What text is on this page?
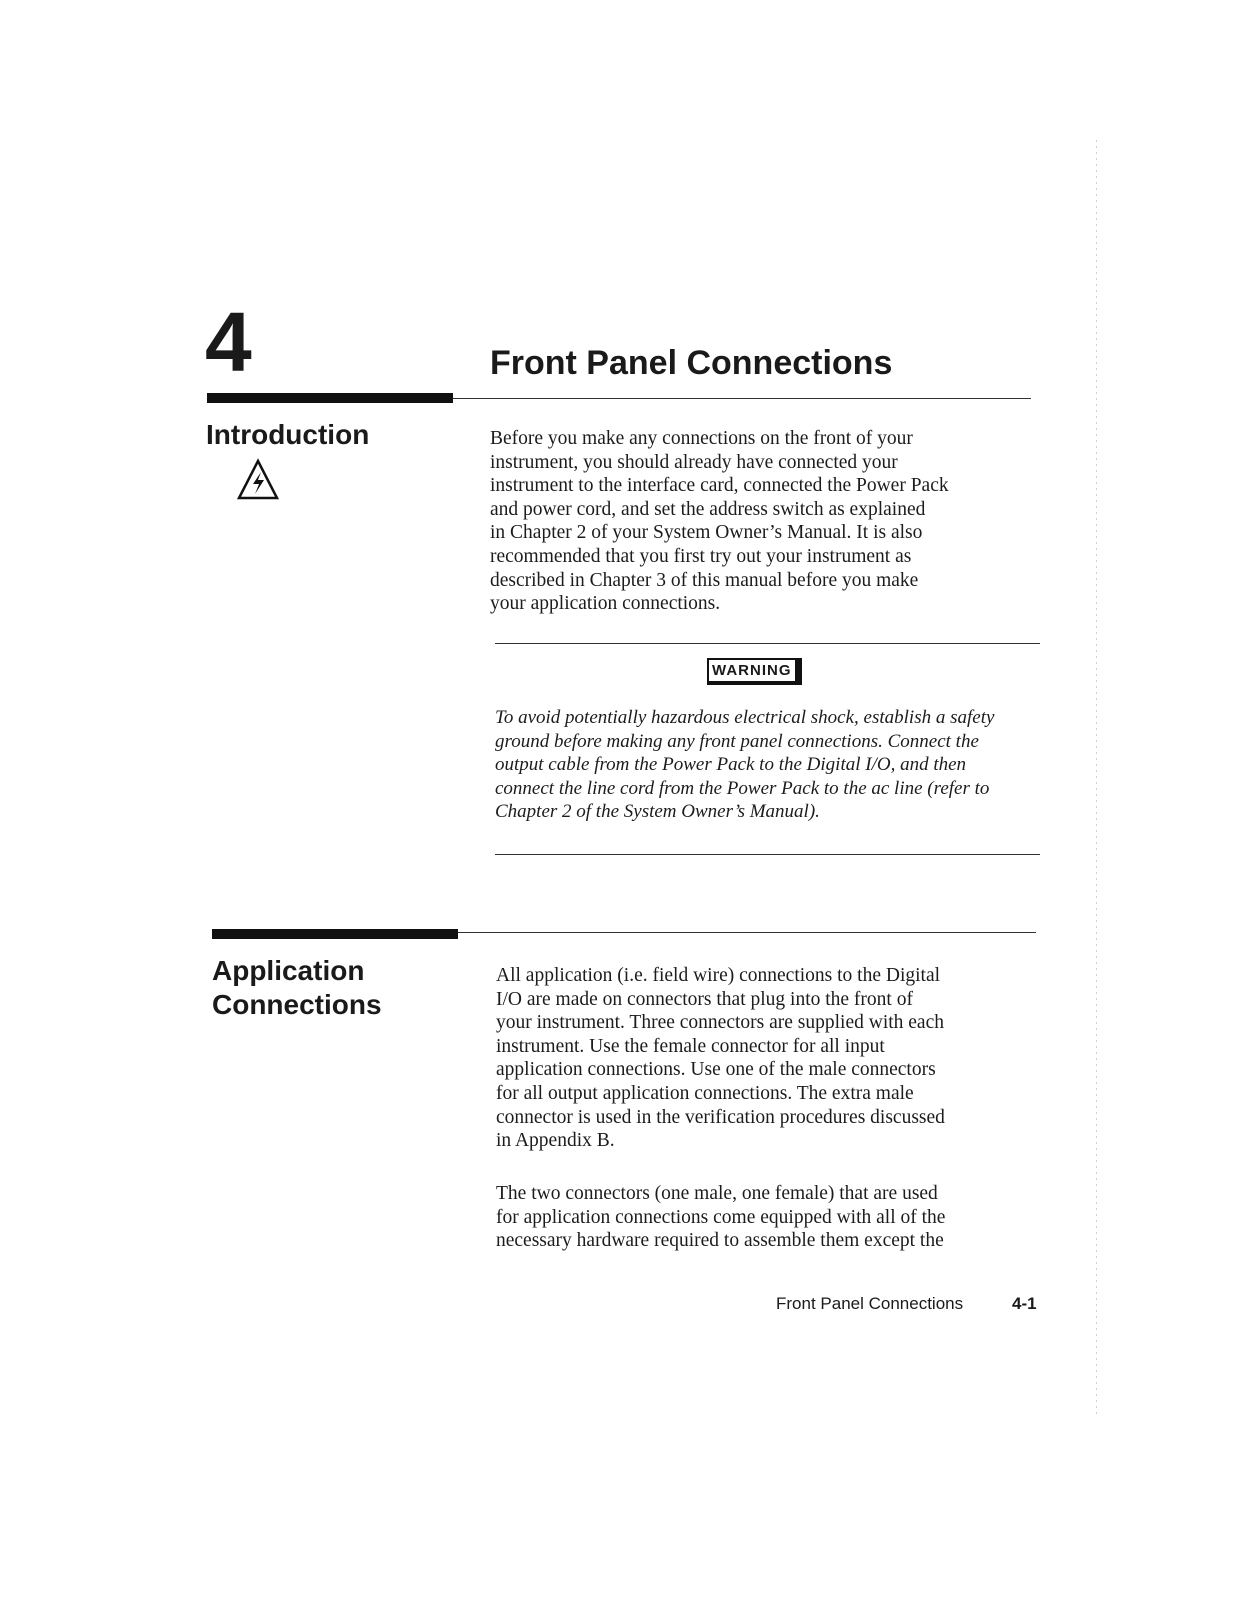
4	Front Panel Connections
Introduction	Before you make any connections on the front of your
instrument, you should already have connected your
instrument to the interface card, connected the Power Pack
and power cord, and set the address switch as explained
in Chapter 2 of your System Owner’s Manual. It is also
recommended that you first try out your instrument as
described in Chapter 3 of this manual before you make
your application connections.
WARNING
To avoid potentially hazardous electrical shock, establish a safety
ground before making any front panel connections. Connect the
output cable from the Power Pack to the Digital I/O, and then
connect the line cord from the Power Pack to the ac line (refer to
Chapter 2 of the System Owner’s Manual).
Application
Connections
All application (i.e. field wire) connections to the Digital
I/O are made on connectors that plug into the front of
your instrument. Three connectors are supplied with each
instrument. Use the female connector for all input
application connections. Use one of the male connectors
for all output application connections. The extra male
connector is used in the verification procedures discussed
in Appendix B.
The two connectors (one male, one female) that are used
for application connections come equipped with all of the
necessary hardware required to assemble them except the
Front Panel Connections	4-1
